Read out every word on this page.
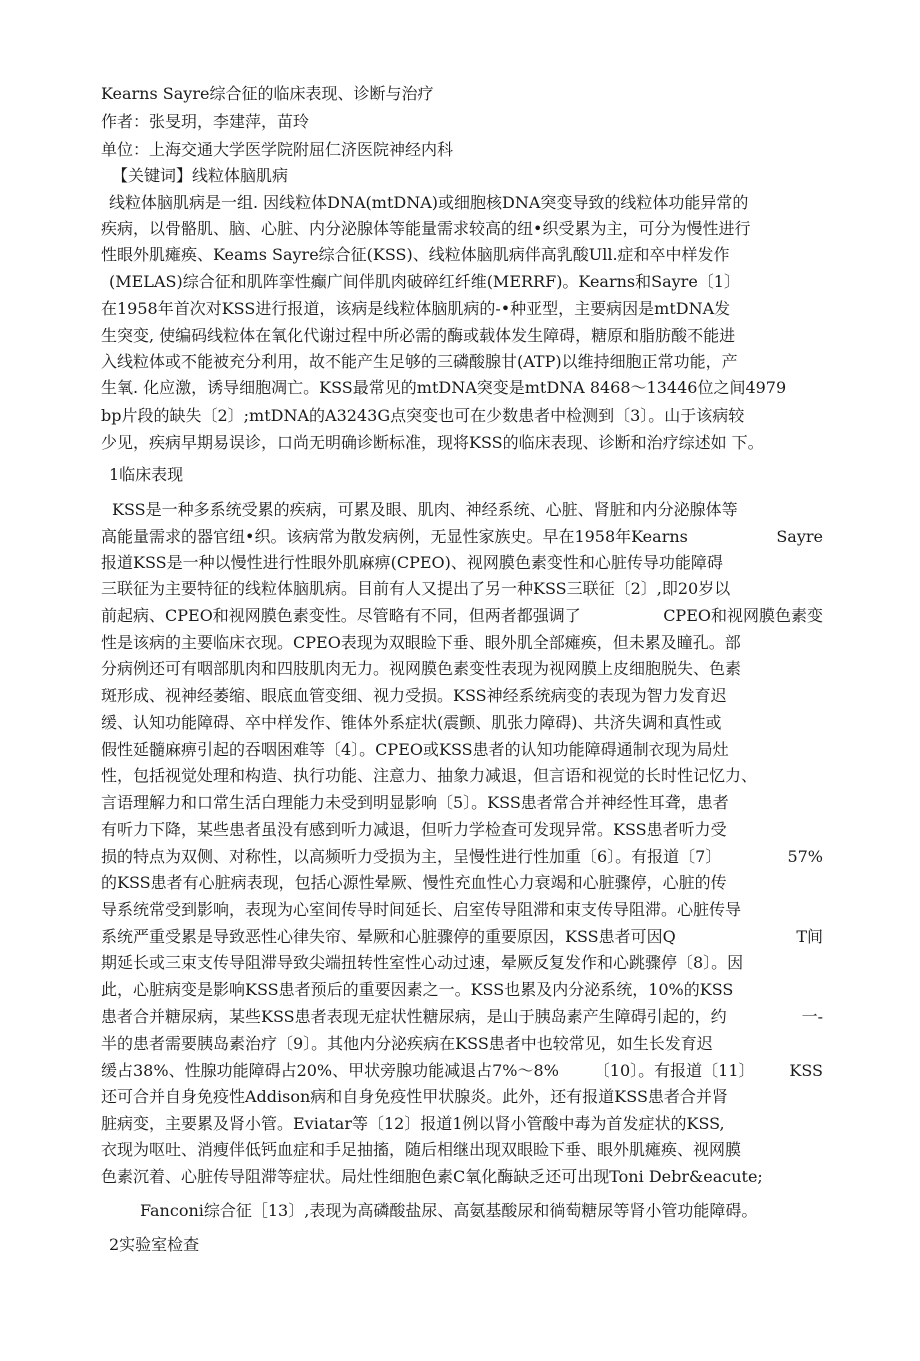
Kearns Sayre综合征的临床表现、诊断与治疗
作者：张旻玥，李建萍，苗玲
单位：上海交通大学医学院附屈仁济医院神经内科
【关键词】线粒体脑肌病
线粒体脑肌病是一组. 因线粒体DNA(mtDNA)或细胞核DNA突变导致的线粒体功能异常的
疾病，以骨骼肌、脑、心脏、内分泌腺体等能量需求较高的纽•织受累为主，可分为慢性进行
性眼外肌瘫痪、Keams Sayre综合征(KSS)、线粒体脑肌病伴高乳酸Ull.症和卒中样发作
(MELAS)综合征和肌阵挛性癫广间伴肌肉破碎红纤维(MERRF)。Kearns和Sayre〔1〕
在1958年首次对KSS进行报道，该病是线粒体脑肌病的-•种亚型，主要病因是mtDNA发
生突变, 使编码线粒体在氧化代谢过程中所必需的酶或载体发生障碍，糖原和脂肪酸不能进
入线粒体或不能被充分利用，故不能产生足够的三磷酸腺甘(ATP)以维持细胞正常功能，产
生氧. 化应激，诱导细胞凋亡。KSS最常见的mtDNA突变是mtDNA 8468～13446位之间4979
bp片段的缺失〔2〕;mtDNA的A3243G点突变也可在少数患者中检测到〔3〕。山于该病较
少见，疾病早期易误诊，口尚无明确诊断标准，现将KSS的临床表现、诊断和治疗综述如 下。
1临床表现
KSS是一种多系统受累的疾病，可累及眼、肌肉、神经系统、心脏、肾脏和内分泌腺体等
高能量需求的器官纽•织。该病常为散发病例，无显性家族史。早在1958年Kearns	Sayre
报道KSS是一种以慢性进行性眼外肌麻痹(CPEO)、视网膜色素变性和心脏传导功能障碍
三联征为主要特征的线粒体脑肌病。目前有人又提出了另一种KSS三联征〔2〕,即20岁以
前起病、CPEO和视网膜色素变性。尽管略有不同，但两者都强调了	CPEO和视网膜色素变
性是该病的主要临床衣现。CPEO表现为双眼睑下垂、眼外肌全部瘫痪，但未累及瞳孔。部
分病例还可有咽部肌肉和四肢肌肉无力。视网膜色素变性表现为视网膜上皮细胞脱失、色素
斑形成、视神经萎缩、眼底血管变细、视力受损。KSS神经系统病变的表现为智力发育迟
缓、认知功能障碍、卒中样发作、锥体外系症状(震颤、肌张力障碍)、共济失调和真性或
假性延髓麻痹引起的吞咽困难等〔4〕。CPEO或KSS患者的认知功能障碍通制衣现为局灶
性，包括视觉处理和构造、执行功能、注意力、抽象力减退，但言语和视觉的长时性记忆力、
言语理解力和口常生活白理能力未受到明显影响〔5〕。KSS患者常合并神经性耳聋，患者
有听力下降，某些患者虽没有感到听力减退，但听力学检查可发现异常。KSS患者听力受
损的特点为双侧、对称性，以高频听力受损为主，呈慢性进行性加重〔6〕。有报道〔7〕	57%
的KSS患者有心脏病表现，包括心源性晕厥、慢性充血性心力衰竭和心脏骤停，心脏的传
导系统常受到影响，表现为心室间传导时间延长、启室传导阻滞和束支传导阻滞。心脏传导
系统严重受累是导致恶性心律失帘、晕厥和心脏骤停的重要原因，KSS患者可因Q	T间
期延长或三束支传导阻滞导致尖端扭转性室性心动过速，晕厥反复发作和心跳骤停〔8〕。因
此，心脏病变是影响KSS患者预后的重要因素之一。KSS也累及内分泌系统，10%的KSS
患者合并糖尿病，某些KSS患者表现无症状性糖尿病，是山于胰岛素产生障碍引起的，约	一-
半的患者需要胰岛素治疗〔9〕。其他内分泌疾病在KSS患者中也较常见，如生长发育迟
缓占38%、性腺功能障碍占20%、甲状旁腺功能减退占7%～8% 〔10〕。有报道〔11〕 KSS
还可合并自身免疫性Addison病和自身免疫性甲状腺炎。此外，还有报道KSS患者合并肾
脏病变，主要累及肾小管。Eviatar等〔12〕报道1例以肾小管酸中毒为首发症状的KSS,
衣现为呕吐、消瘦伴低钙血症和手足抽搐，随后相继出现双眼睑下垂、眼外肌瘫痪、视网膜
色素沉着、心脏传导阻滞等症状。局灶性细胞色素C氧化酶缺乏还可出现Toni Debr&eacute;
Fanconi综合征［13〕,表现为高磷酸盐尿、高氨基酸尿和徜萄糖尿等肾小管功能障碍。
2实验室检查
